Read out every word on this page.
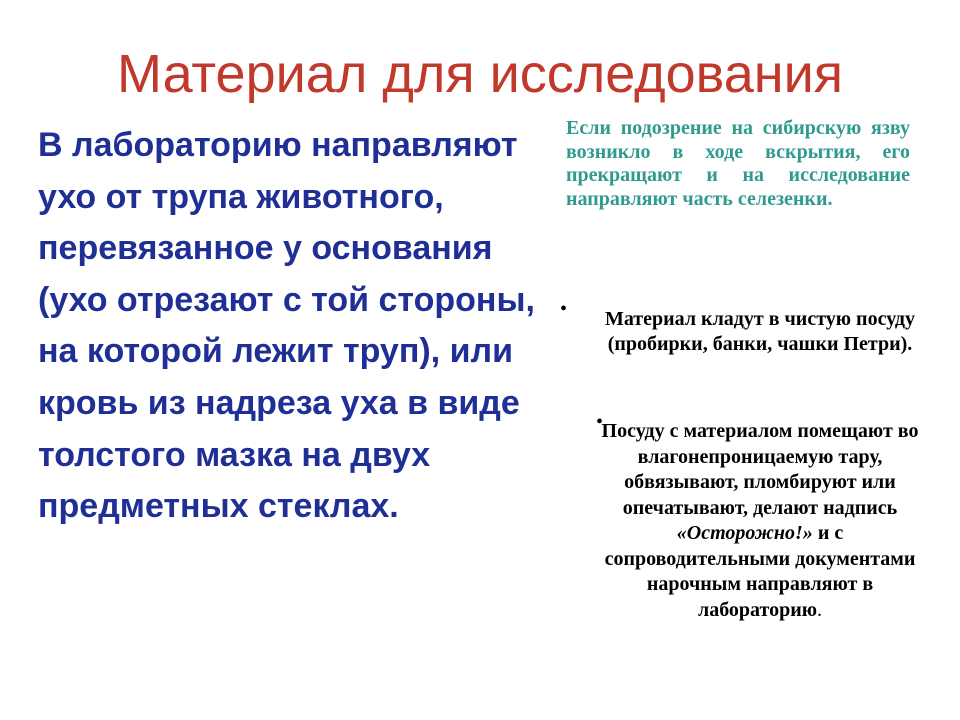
Материал для исследования
В лабораторию направляют ухо от трупа животного, перевязанное у основания (ухо отрезают с той стороны, на которой лежит труп), или кровь из надреза уха в виде толстого мазка на двух предметных стеклах.
Если подозрение на сибирскую язву возникло в ходе вскрытия, его прекращают и на исследование направляют часть селезенки.
•	Материал кладут в чистую посуду (пробирки, банки, чашки Петри).
•
Посуду с материалом помещают во влагонепроницаемую тару, обвязывают, пломбируют или опечатывают, делают надпись «Осторожно!» и с сопроводительными документами нарочным направляют в лабораторию.
